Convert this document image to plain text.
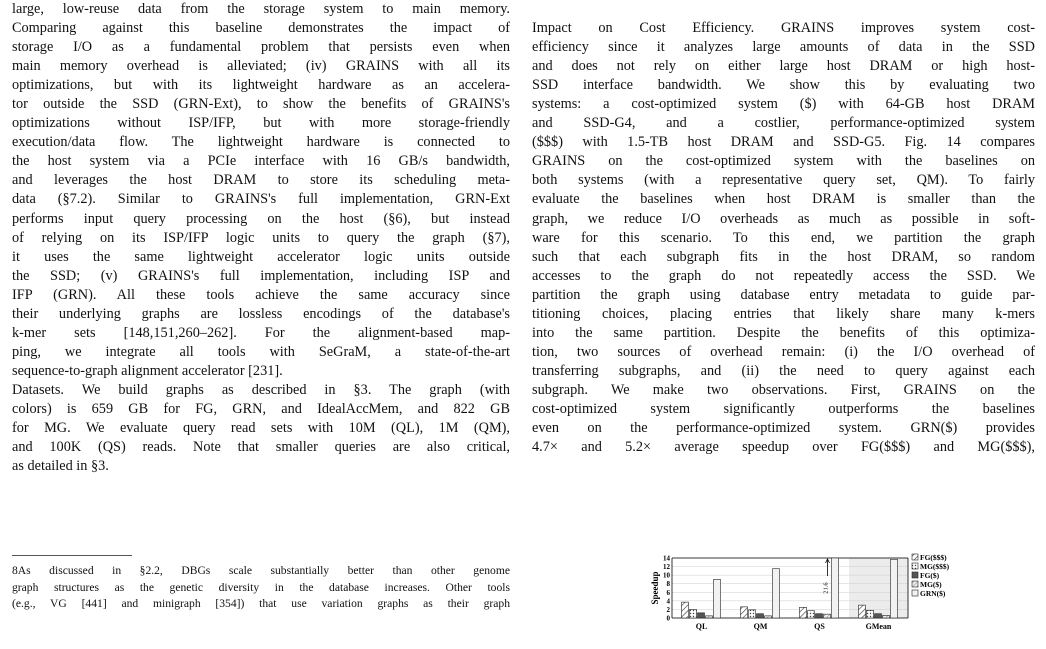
large, low-reuse data from the storage system to main memory.
Comparing against this baseline demonstrates the impact of
storage I/O as a fundamental problem that persists even when
main memory overhead is alleviated; (iv) GRAINS with all its
optimizations, but with its lightweight hardware as an accelera-
tor outside the SSD (GRN-Ext), to show the benefits of GRAINS's
optimizations without ISP/IFP, but with more storage-friendly
execution/data flow. The lightweight hardware is connected to
the host system via a PCIe interface with 16 GB/s bandwidth,
and leverages the host DRAM to store its scheduling meta-
data (§7.2). Similar to GRAINS's full implementation, GRN-Ext
performs input query processing on the host (§6), but instead
of relying on its ISP/IFP logic units to query the graph (§7),
it uses the same lightweight accelerator logic units outside
the SSD; (v) GRAINS's full implementation, including ISP and
IFP (GRN). All these tools achieve the same accuracy since
their underlying graphs are lossless encodings of the database's
k-mer sets [148,151,260–262]. For the alignment-based map-
ping, we integrate all tools with SeGraM, a state-of-the-art
sequence-to-graph alignment accelerator [231].
Datasets. We build graphs as described in §3. The graph (with
colors) is 659 GB for FG, GRN, and IdealAccMem, and 822 GB
for MG. We evaluate query read sets with 10M (QL), 1M (QM),
and 100K (QS) reads. Note that smaller queries are also critical,
as detailed in §3.
8As discussed in §2.2, DBGs scale substantially better than other genome
graph structures as the genetic diversity in the database increases. Other tools
(e.g., VG [441] and minigraph [354]) that use variation graphs as their graph
Impact on Cost Efficiency. GRAINS improves system cost-
efficiency since it analyzes large amounts of data in the SSD
and does not rely on either large host DRAM or high host-
SSD interface bandwidth. We show this by evaluating two
systems: a cost-optimized system ($) with 64-GB host DRAM
and SSD-G4, and a costlier, performance-optimized system
($$$) with 1.5-TB host DRAM and SSD-G5. Fig. 14 compares
GRAINS on the cost-optimized system with the baselines on
both systems (with a representative query set, QM). To fairly
evaluate the baselines when host DRAM is smaller than the
graph, we reduce I/O overheads as much as possible in soft-
ware for this scenario. To this end, we partition the graph
such that each subgraph fits in the host DRAM, so random
accesses to the graph do not repeatedly access the SSD. We
partition the graph using database entry metadata to guide par-
titioning choices, placing entries that likely share many k-mers
into the same partition. Despite the benefits of this optimiza-
tion, two sources of overhead remain: (i) the I/O overhead of
transferring subgraphs, and (ii) the need to query against each
subgraph. We make two observations. First, GRAINS on the
cost-optimized system significantly outperforms the baselines
even on the performance-optimized system. GRN($) provides
4.7× and 5.2× average speedup over FG($$$) and MG($$$),
Speedup
0
2
4
6
8
10
12
14
QL	QM
21.6
QS	GMean
FG($$$)
MG($$$)
FG($)
MG($)
GRN($)
